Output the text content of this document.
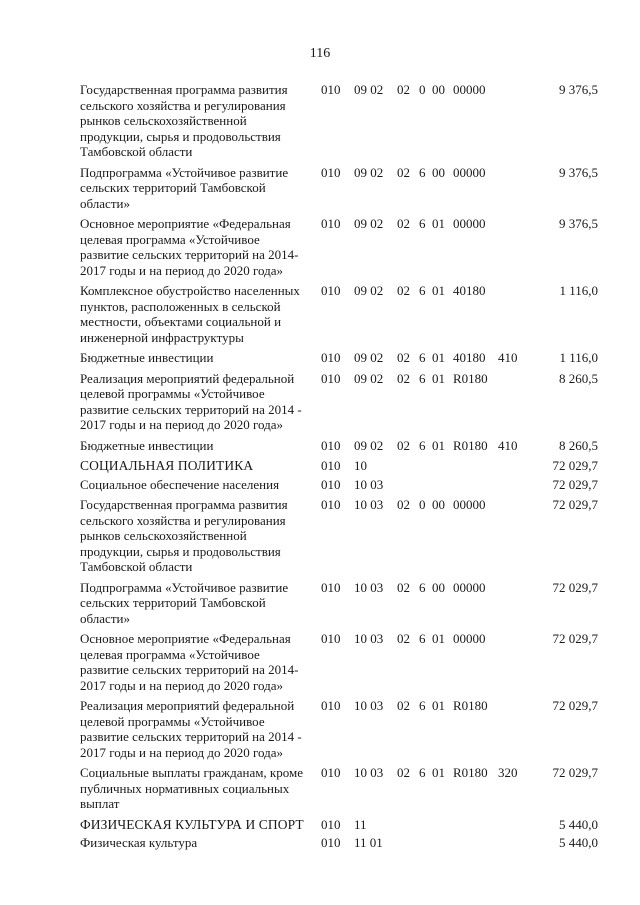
116
Государственная программа развития сельского хозяйства и регулирования рынков сельскохозяйственной продукции, сырья и продовольствия Тамбовской области
010 09 02 02 0 00 00000	9 376,5
Подпрограмма «Устойчивое развитие сельских территорий Тамбовской области»
010 09 02 02 6 00 00000	9 376,5
Основное мероприятие «Федеральная целевая программа «Устойчивое развитие сельских территорий на 2014-2017 годы и на период до 2020 года»
010 09 02 02 6 01 00000	9 376,5
Комплексное обустройство населенных пунктов, расположенных в сельской местности, объектами социальной и инженерной инфраструктуры
010 09 02 02 6 01 40180	1 116,0
Бюджетные инвестиции	010 09 02 02 6 01 40180 410	1 116,0
Реализация мероприятий федеральной целевой программы «Устойчивое развитие сельских территорий на 2014 - 2017 годы и на период до 2020 года»
010 09 02 02 6 01 R0180	8 260,5
Бюджетные инвестиции	010 09 02 02 6 01 R0180 410	8 260,5
СОЦИАЛЬНАЯ ПОЛИТИКА	010 10	72 029,7
Социальное обеспечение населения	010 10 03	72 029,7
Государственная программа развития сельского хозяйства и регулирования рынков сельскохозяйственной продукции, сырья и продовольствия Тамбовской области
010 10 03 02 0 00 00000	72 029,7
Подпрограмма «Устойчивое развитие сельских территорий Тамбовской области»
010 10 03 02 6 00 00000	72 029,7
Основное мероприятие «Федеральная целевая программа «Устойчивое развитие сельских территорий на 2014-2017 годы и на период до 2020 года»
010 10 03 02 6 01 00000	72 029,7
Реализация мероприятий федеральной целевой программы «Устойчивое развитие сельских территорий на 2014 - 2017 годы и на период до 2020 года»
010 10 03 02 6 01 R0180	72 029,7
Социальные выплаты гражданам, кроме публичных нормативных социальных выплат
010 10 03 02 6 01 R0180 320	72 029,7
ФИЗИЧЕСКАЯ КУЛЬТУРА И СПОРТ	010 11	5 440,0
Физическая культура	010 11 01	5 440,0
